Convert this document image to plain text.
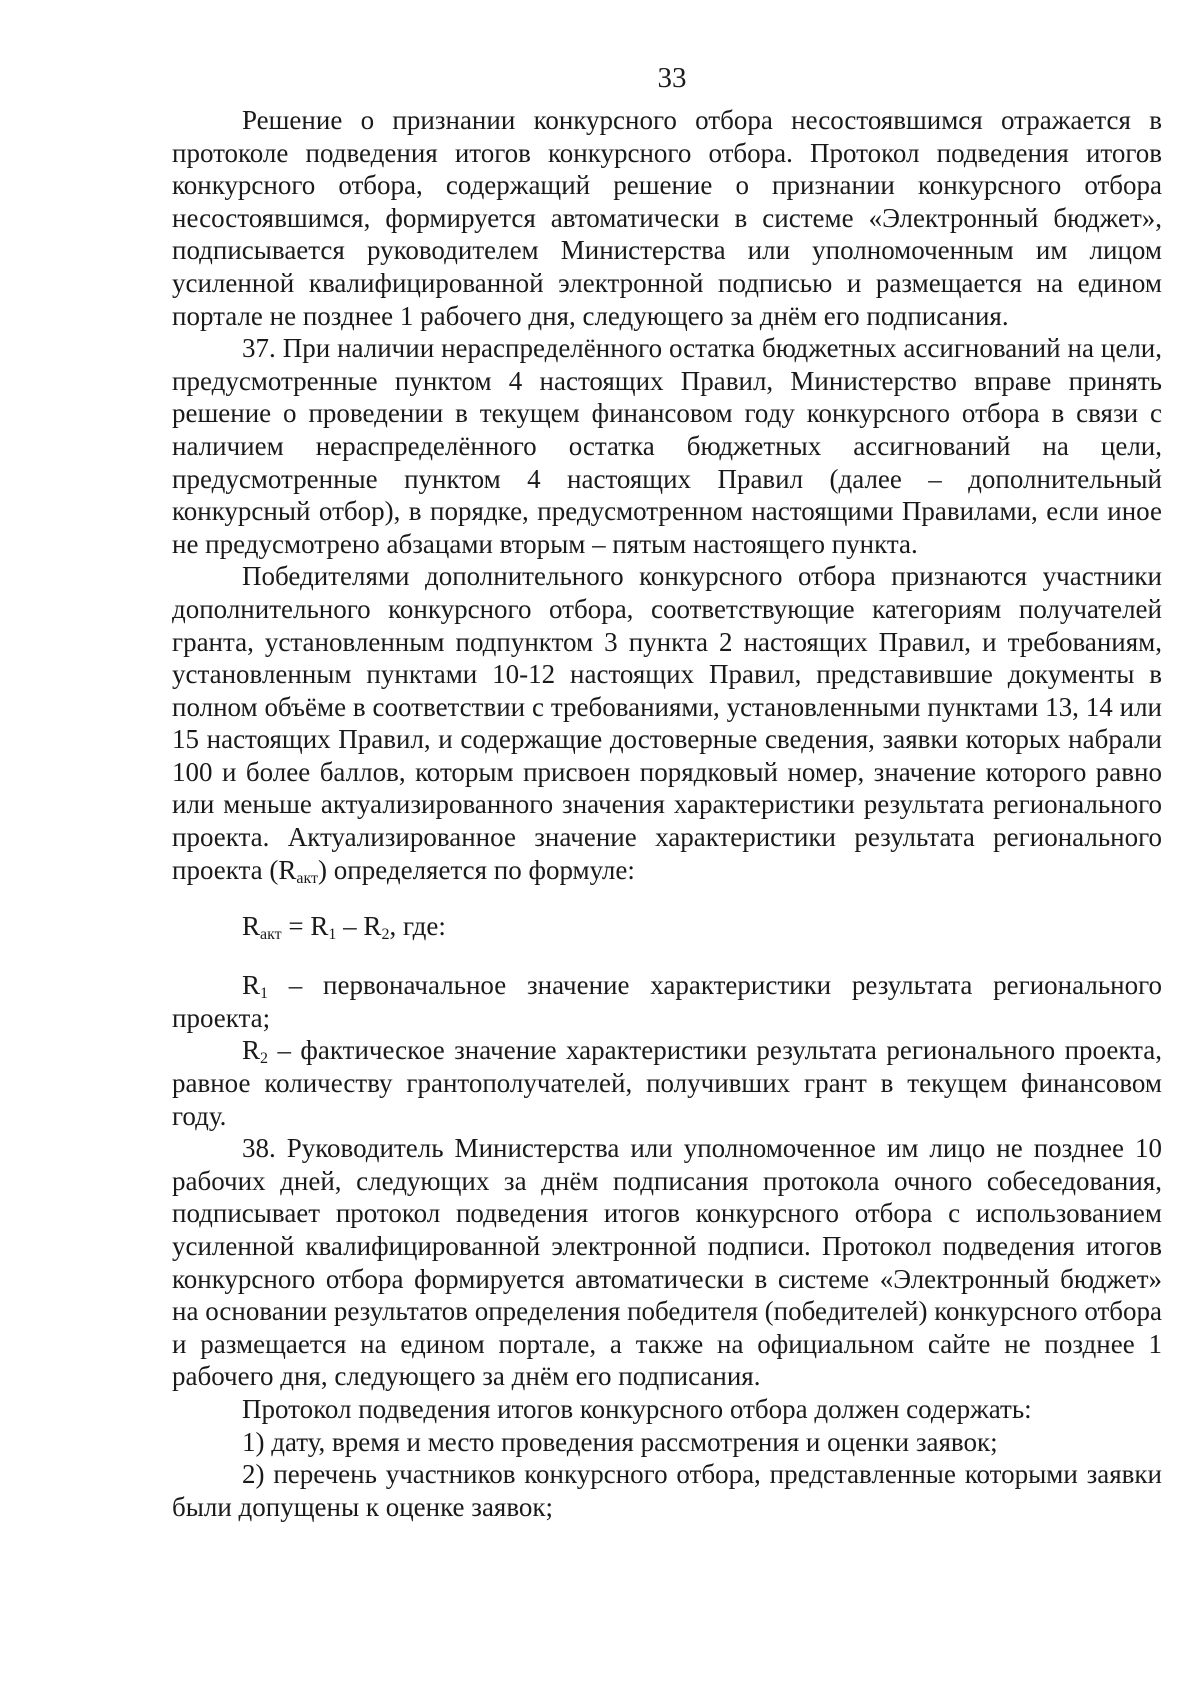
33

Решение о признании конкурсного отбора несостоявшимся отражается в протоколе подведения итогов конкурсного отбора. Протокол подведения итогов конкурсного отбора, содержащий решение о признании конкурсного отбора несостоявшимся, формируется автоматически в системе «Электронный бюджет», подписывается руководителем Министерства или уполномоченным им лицом усиленной квалифицированной электронной подписью и размещается на едином портале не позднее 1 рабочего дня, следующего за днём его подписания.

37. При наличии нераспределённого остатка бюджетных ассигнований на цели, предусмотренные пунктом 4 настоящих Правил, Министерство вправе принять решение о проведении в текущем финансовом году конкурсного отбора в связи с наличием нераспределённого остатка бюджетных ассигнований на цели, предусмотренные пунктом 4 настоящих Правил (далее – дополнительный конкурсный отбор), в порядке, предусмотренном настоящими Правилами, если иное не предусмотрено абзацами вторым – пятым настоящего пункта.

Победителями дополнительного конкурсного отбора признаются участники дополнительного конкурсного отбора, соответствующие категориям получателей гранта, установленным подпунктом 3 пункта 2 настоящих Правил, и требованиям, установленным пунктами 10-12 настоящих Правил, представившие документы в полном объёме в соответствии с требованиями, установленными пунктами 13, 14 или 15 настоящих Правил, и содержащие достоверные сведения, заявки которых набрали 100 и более баллов, которым присвоен порядковый номер, значение которого равно или меньше актуализированного значения характеристики результата регионального проекта. Актуализированное значение характеристики результата регионального проекта $(R_{акт})$ определяется по формуле:

$R_{акт} = R_1 - R_2$, где:

$R_1$ – первоначальное значение характеристики результата регионального проекта;

$R_2$ – фактическое значение характеристики результата регионального проекта, равное количеству грантополучателей, получивших грант в текущем финансовом году.

38. Руководитель Министерства или уполномоченное им лицо не позднее 10 рабочих дней, следующих за днём подписания протокола очного собеседования, подписывает протокол подведения итогов конкурсного отбора с использованием усиленной квалифицированной электронной подписи. Протокол подведения итогов конкурсного отбора формируется автоматически в системе «Электронный бюджет» на основании результатов определения победителя (победителей) конкурсного отбора и размещается на едином портале, а также на официальном сайте не позднее 1 рабочего дня, следующего за днём его подписания.

Протокол подведения итогов конкурсного отбора должен содержать:

1) дату, время и место проведения рассмотрения и оценки заявок;

2) перечень участников конкурсного отбора, представленные которыми заявки были допущены к оценке заявок;
